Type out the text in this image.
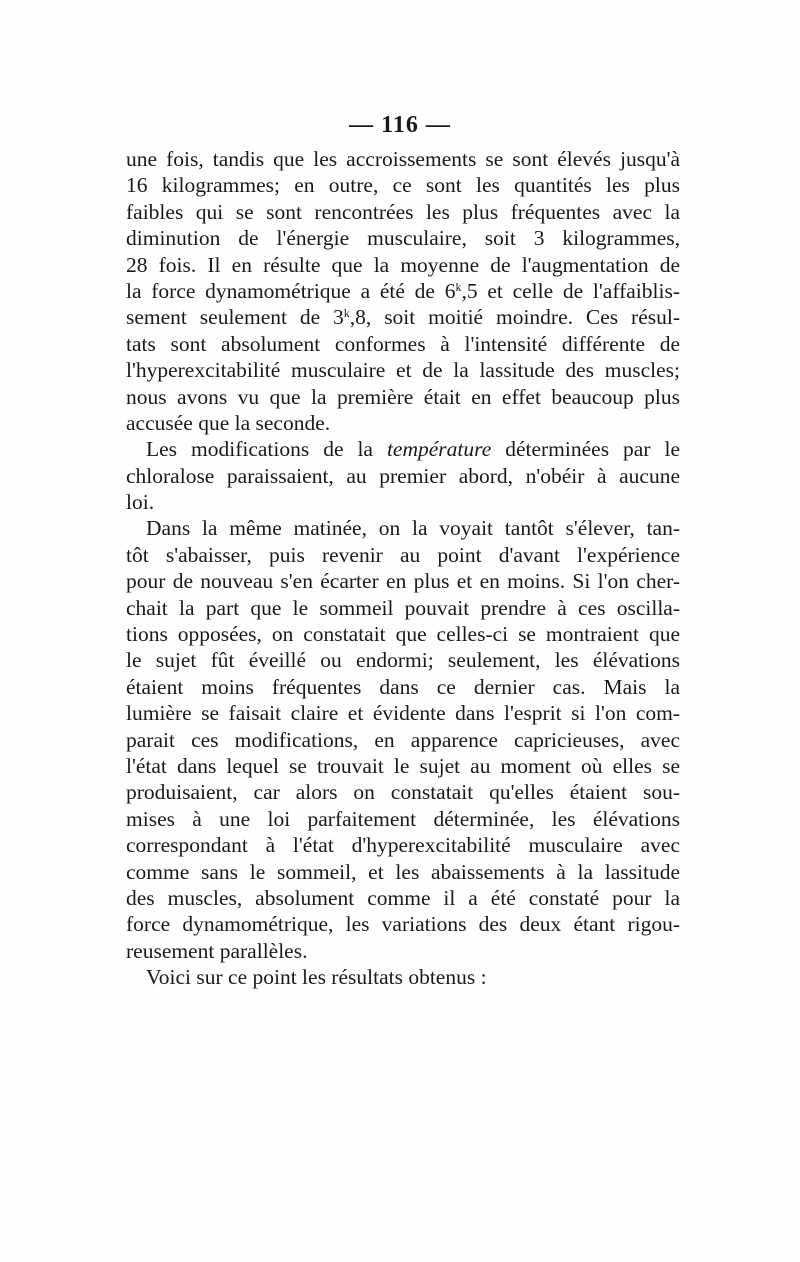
— 116 —
une fois, tandis que les accroissements se sont élevés jusqu'à
16 kilogrammes; en outre, ce sont les quantités les plus
faibles qui se sont rencontrées les plus fréquentes avec la
diminution de l'énergie musculaire, soit 3 kilogrammes,
28 fois. Il en résulte que la moyenne de l'augmentation de
la force dynamométrique a été de 6$^k$,5 et celle de l'affaiblis-
sement seulement de 3$^k$,8, soit moitié moindre. Ces résul-
tats sont absolument conformes à l'intensité différente de
l'hyperexcitabilité musculaire et de la lassitude des muscles;
nous avons vu que la première était en effet beaucoup plus
accusée que la seconde.
Les modifications de la température déterminées par le
chloralose paraissaient, au premier abord, n'obéir à aucune
loi.
Dans la même matinée, on la voyait tantôt s'élever, tan-
tôt s'abaisser, puis revenir au point d'avant l'expérience
pour de nouveau s'en écarter en plus et en moins. Si l'on cher-
chait la part que le sommeil pouvait prendre à ces oscilla-
tions opposées, on constatait que celles-ci se montraient que
le sujet fût éveillé ou endormi; seulement, les élévations
étaient moins fréquentes dans ce dernier cas. Mais la
lumière se faisait claire et évidente dans l'esprit si l'on com-
parait ces modifications, en apparence capricieuses, avec
l'état dans lequel se trouvait le sujet au moment où elles se
produisaient, car alors on constatait qu'elles étaient sou-
mises à une loi parfaitement déterminée, les élévations
correspondant à l'état d'hyperexcitabilité musculaire avec
comme sans le sommeil, et les abaissements à la lassitude
des muscles, absolument comme il a été constaté pour la
force dynamométrique, les variations des deux étant rigou-
reusement parallèles.
Voici sur ce point les résultats obtenus :
